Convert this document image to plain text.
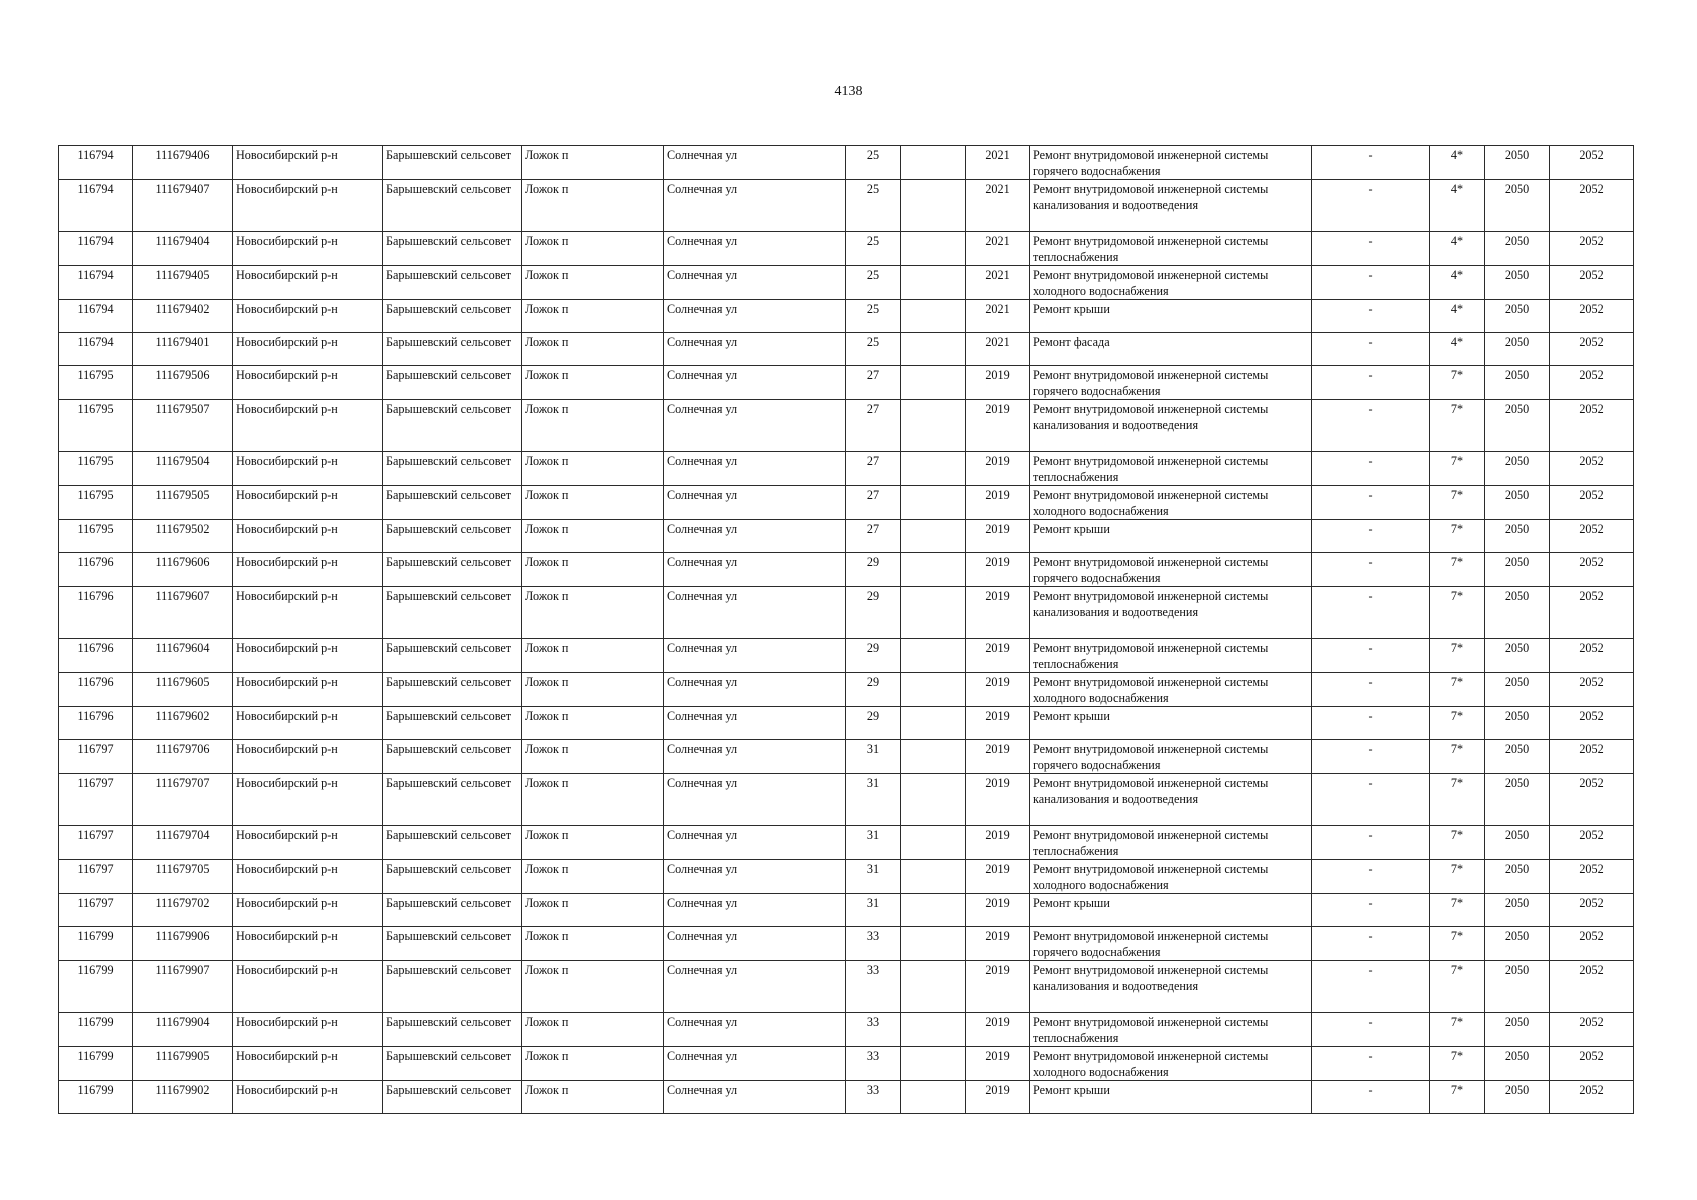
4138
116794	111679406	Новосибирский р-н	Барышевский сельсовет	Ложок п	Солнечная ул	25		2021	Ремонт внутридомовой инженерной системы горячего водоснабжения	-	4*	2050	2052
116794	111679407	Новосибирский р-н	Барышевский сельсовет	Ложок п	Солнечная ул	25		2021	Ремонт внутридомовой инженерной системы канализования и водоотведения	-	4*	2050	2052
116794	111679404	Новосибирский р-н	Барышевский сельсовет	Ложок п	Солнечная ул	25		2021	Ремонт внутридомовой инженерной системы теплоснабжения	-	4*	2050	2052
116794	111679405	Новосибирский р-н	Барышевский сельсовет	Ложок п	Солнечная ул	25		2021	Ремонт внутридомовой инженерной системы холодного водоснабжения	-	4*	2050	2052
116794	111679402	Новосибирский р-н	Барышевский сельсовет	Ложок п	Солнечная ул	25		2021	Ремонт крыши	-	4*	2050	2052
116794	111679401	Новосибирский р-н	Барышевский сельсовет	Ложок п	Солнечная ул	25		2021	Ремонт фасада	-	4*	2050	2052
116795	111679506	Новосибирский р-н	Барышевский сельсовет	Ложок п	Солнечная ул	27		2019	Ремонт внутридомовой инженерной системы горячего водоснабжения	-	7*	2050	2052
116795	111679507	Новосибирский р-н	Барышевский сельсовет	Ложок п	Солнечная ул	27		2019	Ремонт внутридомовой инженерной системы канализования и водоотведения	-	7*	2050	2052
116795	111679504	Новосибирский р-н	Барышевский сельсовет	Ложок п	Солнечная ул	27		2019	Ремонт внутридомовой инженерной системы теплоснабжения	-	7*	2050	2052
116795	111679505	Новосибирский р-н	Барышевский сельсовет	Ложок п	Солнечная ул	27		2019	Ремонт внутридомовой инженерной системы холодного водоснабжения	-	7*	2050	2052
116795	111679502	Новосибирский р-н	Барышевский сельсовет	Ложок п	Солнечная ул	27		2019	Ремонт крыши	-	7*	2050	2052
116796	111679606	Новосибирский р-н	Барышевский сельсовет	Ложок п	Солнечная ул	29		2019	Ремонт внутридомовой инженерной системы горячего водоснабжения	-	7*	2050	2052
116796	111679607	Новосибирский р-н	Барышевский сельсовет	Ложок п	Солнечная ул	29		2019	Ремонт внутридомовой инженерной системы канализования и водоотведения	-	7*	2050	2052
116796	111679604	Новосибирский р-н	Барышевский сельсовет	Ложок п	Солнечная ул	29		2019	Ремонт внутридомовой инженерной системы теплоснабжения	-	7*	2050	2052
116796	111679605	Новосибирский р-н	Барышевский сельсовет	Ложок п	Солнечная ул	29		2019	Ремонт внутридомовой инженерной системы холодного водоснабжения	-	7*	2050	2052
116796	111679602	Новосибирский р-н	Барышевский сельсовет	Ложок п	Солнечная ул	29		2019	Ремонт крыши	-	7*	2050	2052
116797	111679706	Новосибирский р-н	Барышевский сельсовет	Ложок п	Солнечная ул	31		2019	Ремонт внутридомовой инженерной системы горячего водоснабжения	-	7*	2050	2052
116797	111679707	Новосибирский р-н	Барышевский сельсовет	Ложок п	Солнечная ул	31		2019	Ремонт внутридомовой инженерной системы канализования и водоотведения	-	7*	2050	2052
116797	111679704	Новосибирский р-н	Барышевский сельсовет	Ложок п	Солнечная ул	31		2019	Ремонт внутридомовой инженерной системы теплоснабжения	-	7*	2050	2052
116797	111679705	Новосибирский р-н	Барышевский сельсовет	Ложок п	Солнечная ул	31		2019	Ремонт внутридомовой инженерной системы холодного водоснабжения	-	7*	2050	2052
116797	111679702	Новосибирский р-н	Барышевский сельсовет	Ложок п	Солнечная ул	31		2019	Ремонт крыши	-	7*	2050	2052
116799	111679906	Новосибирский р-н	Барышевский сельсовет	Ложок п	Солнечная ул	33		2019	Ремонт внутридомовой инженерной системы горячего водоснабжения	-	7*	2050	2052
116799	111679907	Новосибирский р-н	Барышевский сельсовет	Ложок п	Солнечная ул	33		2019	Ремонт внутридомовой инженерной системы канализования и водоотведения	-	7*	2050	2052
116799	111679904	Новосибирский р-н	Барышевский сельсовет	Ложок п	Солнечная ул	33		2019	Ремонт внутридомовой инженерной системы теплоснабжения	-	7*	2050	2052
116799	111679905	Новосибирский р-н	Барышевский сельсовет	Ложок п	Солнечная ул	33		2019	Ремонт внутридомовой инженерной системы холодного водоснабжения	-	7*	2050	2052
116799	111679902	Новосибирский р-н	Барышевский сельсовет	Ложок п	Солнечная ул	33		2019	Ремонт крыши	-	7*	2050	2052
